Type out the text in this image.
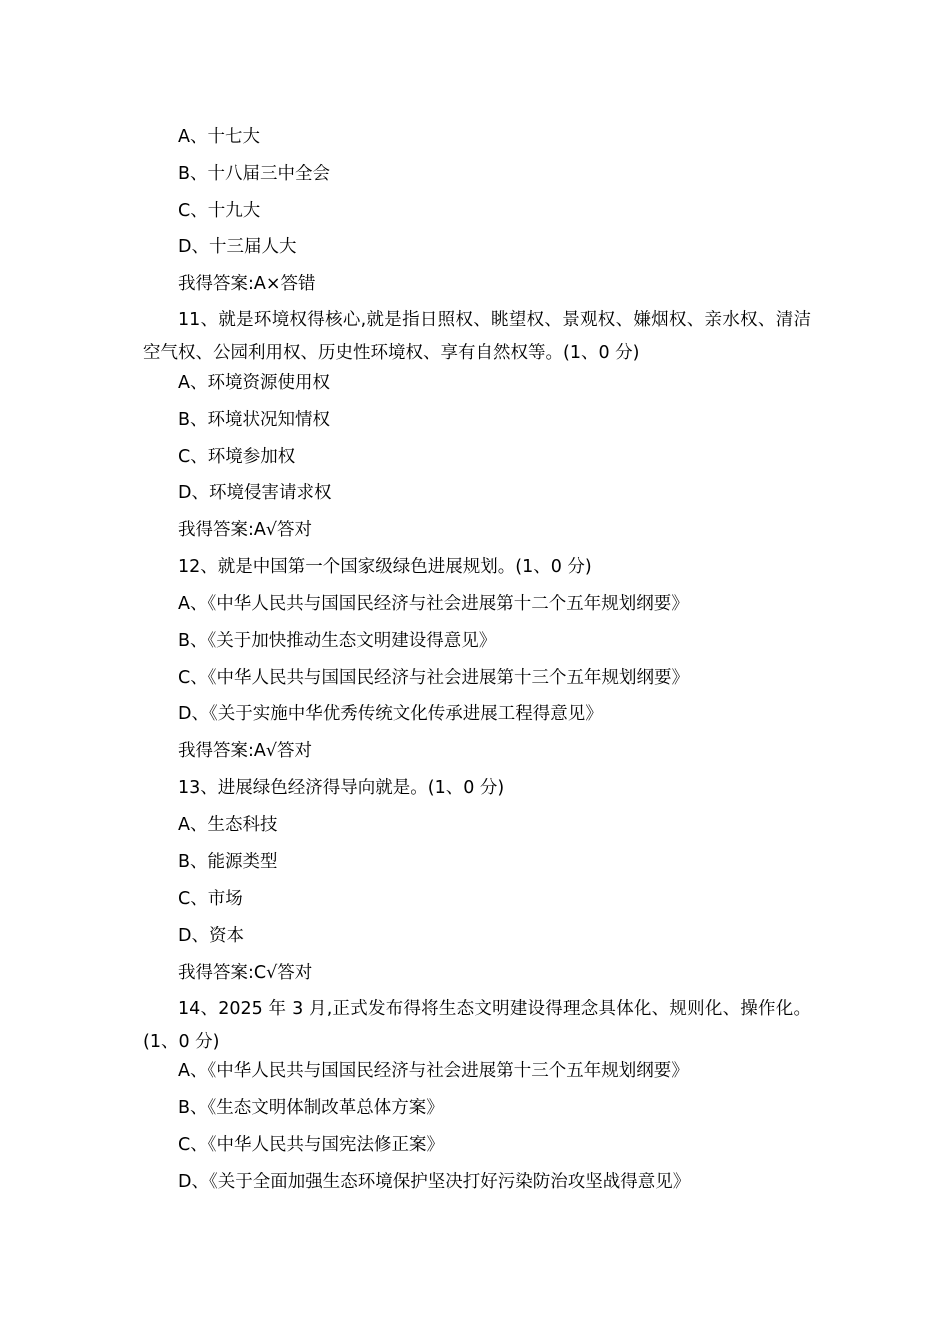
A、十七大
B、十八届三中全会
C、十九大
D、十三届人大
我得答案:A×答错
11、就是环境权得核心,就是指日照权、眺望权、景观权、嫌烟权、亲水权、清洁空气权、公园利用权、历史性环境权、享有自然权等。(1、0 分)
A、环境资源使用权
B、环境状况知情权
C、环境参加权
D、环境侵害请求权
我得答案:A√答对
12、就是中国第一个国家级绿色进展规划。(1、0 分)
A、《中华人民共与国国民经济与社会进展第十二个五年规划纲要》
B、《关于加快推动生态文明建设得意见》
C、《中华人民共与国国民经济与社会进展第十三个五年规划纲要》
D、《关于实施中华优秀传统文化传承进展工程得意见》
我得答案:A√答对
13、进展绿色经济得导向就是。(1、0 分)
A、生态科技
B、能源类型
C、市场
D、资本
我得答案:C√答对
14、2025 年 3 月,正式发布得将生态文明建设得理念具体化、规则化、操作化。(1、0 分)
A、《中华人民共与国国民经济与社会进展第十三个五年规划纲要》
B、《生态文明体制改革总体方案》
C、《中华人民共与国宪法修正案》
D、《关于全面加强生态环境保护坚决打好污染防治攻坚战得意见》
